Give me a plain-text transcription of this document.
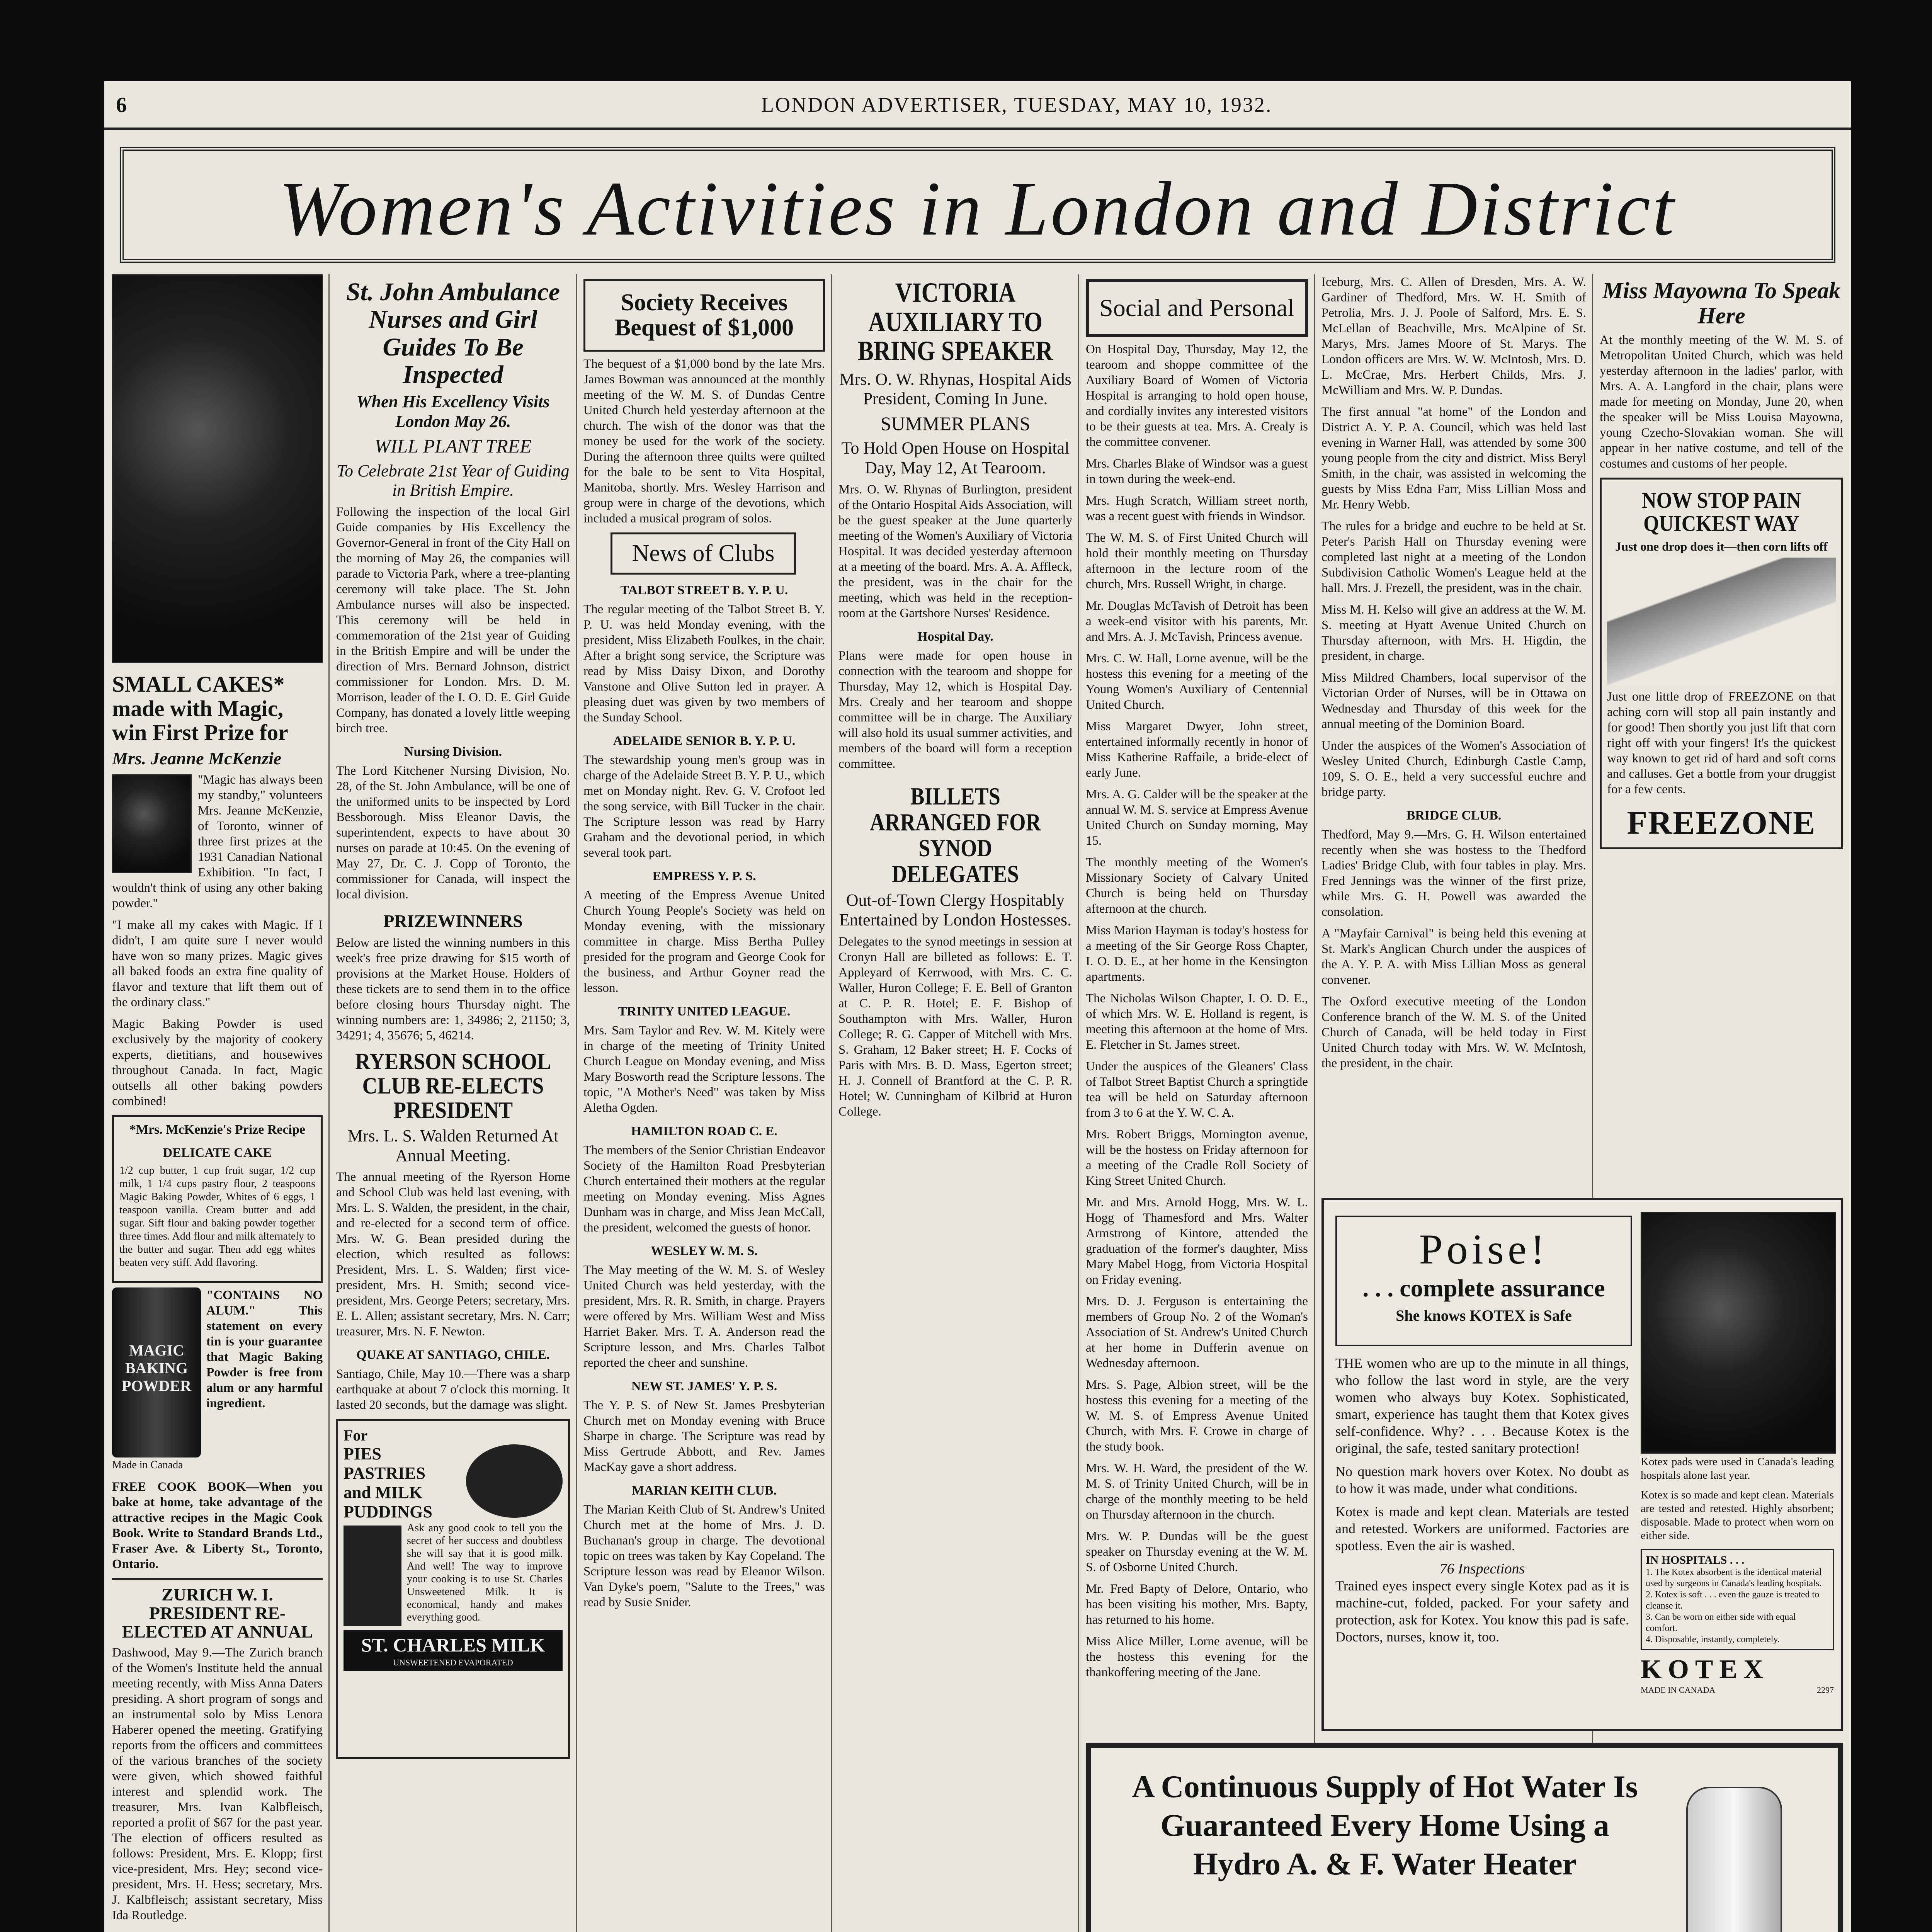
6	LONDON ADVERTISER, TUESDAY, MAY 10, 1932.
Women's Activities in London and District
SMALL CAKES* made with Magic, win First Prize for
Mrs. Jeanne McKenzie

"Magic has always been my standby," volunteers Mrs. Jeanne McKenzie, of Toronto, winner of three first prizes at the 1931 Canadian National Exhibition. "In fact, I wouldn't think of using any other baking powder."

"I make all my cakes with Magic. If I didn't, I am quite sure I never would have won so many prizes. Magic gives all baked foods an extra fine quality of flavor and texture that lift them out of the ordinary class."

Magic Baking Powder is used exclusively by the majority of cookery experts, dietitians, and housewives throughout Canada. In fact, Magic outsells all other baking powders combined!

*Mrs. McKenzie's Prize Recipe
DELICATE CAKE

1/2 cup butter, 1 cup fruit sugar, 1/2 cup milk, 1 1/4 cups pastry flour, 2 teaspoons Magic Baking Powder, Whites of 6 eggs, 1 teaspoon vanilla. Cream butter and add sugar. Sift flour and baking powder together three times. Add flour and milk alternately to the butter and sugar. Then add egg whites beaten very stiff. Add flavoring.

MAGIC
BAKING
POWDER

"CONTAINS NO ALUM." This statement on every tin is your guarantee that Magic Baking Powder is free from alum or any harmful ingredient.

Made in Canada

FREE COOK BOOK—When you bake at home, take advantage of the attractive recipes in the Magic Cook Book. Write to Standard Brands Ltd., Fraser Ave. & Liberty St., Toronto, Ontario.

ZURICH W. I. PRESIDENT RE-ELECTED AT ANNUAL

Dashwood, May 9.—The Zurich branch of the Women's Institute held the annual meeting recently, with Miss Anna Daters presiding. A short program of songs and an instrumental solo by Miss Lenora Haberer opened the meeting. Gratifying reports from the officers and committees of the various branches of the society were given, which showed faithful interest and splendid work. The treasurer, Mrs. Ivan Kalbfleisch, reported a profit of $67 for the past year. The election of officers resulted as follows: President, Mrs. E. Klopp; first vice-president, Mrs. Hey; second vice-president, Mrs. H. Hess; secretary, Mrs. J. Kalbfleisch; assistant secretary, Miss Ida Routledge.

St. John Ambulance Nurses and Girl Guides To Be Inspected
When His Excellency Visits London May 26.
WILL PLANT TREE
To Celebrate 21st Year of Guiding in British Empire.

Following the inspection of the local Girl Guide companies by His Excellency the Governor-General in front of the City Hall on the morning of May 26, the companies will parade to Victoria Park, where a tree-planting ceremony will take place. The St. John Ambulance nurses will also be inspected. This ceremony will be held in commemoration of the 21st year of Guiding in the British Empire and will be under the direction of Mrs. Bernard Johnson, district commissioner for London. Mrs. D. M. Morrison, leader of the I. O. D. E. Girl Guide Company, has donated a lovely little weeping birch tree.

Nursing Division.

The Lord Kitchener Nursing Division, No. 28, of the St. John Ambulance, will be one of the uniformed units to be inspected by Lord Bessborough. Miss Eleanor Davis, the superintendent, expects to have about 30 nurses on parade at 10:45. On the evening of May 27, Dr. C. J. Copp of Toronto, the commissioner for Canada, will inspect the local division.

PRIZEWINNERS

Below are listed the winning numbers in this week's free prize drawing for $15 worth of provisions at the Market House. Holders of these tickets are to send them in to the office before closing hours Thursday night. The winning numbers are: 1, 34986; 2, 21150; 3, 34291; 4, 35676; 5, 46214.

RYERSON SCHOOL CLUB RE-ELECTS PRESIDENT
Mrs. L. S. Walden Returned At Annual Meeting.

The annual meeting of the Ryerson Home and School Club was held last evening, with Mrs. L. S. Walden, the president, in the chair, and re-elected for a second term of office. Mrs. W. G. Bean presided during the election, which resulted as follows: President, Mrs. L. S. Walden; first vice-president, Mrs. H. Smith; second vice-president, Mrs. George Peters; secretary, Mrs. E. L. Allen; assistant secretary, Mrs. N. Carr; treasurer, Mrs. N. F. Newton.

QUAKE AT SANTIAGO, CHILE.

Santiago, Chile, May 10.—There was a sharp earthquake at about 7 o'clock this morning. It lasted 20 seconds, but the damage was slight.

For
PIES PASTRIES and MILK PUDDINGS

Ask any good cook to tell you the secret of her success and doubtless she will say that it is good milk. And well! The way to improve your cooking is to use St. Charles Unsweetened Milk. It is economical, handy and makes everything good.

ST. CHARLES MILK
UNSWEETENED EVAPORATED
Society Receives Bequest of $1,000

The bequest of a $1,000 bond by the late Mrs. James Bowman was announced at the monthly meeting of the W. M. S. of Dundas Centre United Church held yesterday afternoon at the church. The wish of the donor was that the money be used for the work of the society. During the afternoon three quilts were quilted for the bale to be sent to Vita Hospital, Manitoba, shortly. Mrs. Wesley Harrison and group were in charge of the devotions, which included a musical program of solos.

News of Clubs
TALBOT STREET B. Y. P. U.

The regular meeting of the Talbot Street B. Y. P. U. was held Monday evening, with the president, Miss Elizabeth Foulkes, in the chair. After a bright song service, the Scripture was read by Miss Daisy Dixon, and Dorothy Vanstone and Olive Sutton led in prayer. A pleasing duet was given by two members of the Sunday School.

ADELAIDE SENIOR B. Y. P. U.

The stewardship young men's group was in charge of the Adelaide Street B. Y. P. U., which met on Monday night. Rev. G. V. Crofoot led the song service, with Bill Tucker in the chair. The Scripture lesson was read by Harry Graham and the devotional period, in which several took part.

EMPRESS Y. P. S.

A meeting of the Empress Avenue United Church Young People's Society was held on Monday evening, with the missionary committee in charge. Miss Bertha Pulley presided for the program and George Cook for the business, and Arthur Goyner read the lesson.

TRINITY UNITED LEAGUE.

Mrs. Sam Taylor and Rev. W. M. Kitely were in charge of the meeting of Trinity United Church League on Monday evening, and Miss Mary Bosworth read the Scripture lessons. The topic, "A Mother's Need" was taken by Miss Aletha Ogden.

HAMILTON ROAD C. E.

The members of the Senior Christian Endeavor Society of the Hamilton Road Presbyterian Church entertained their mothers at the regular meeting on Monday evening. Miss Agnes Dunham was in charge, and Miss Jean McCall, the president, welcomed the guests of honor.

WESLEY W. M. S.

The May meeting of the W. M. S. of Wesley United Church was held yesterday, with the president, Mrs. R. R. Smith, in charge. Prayers were offered by Mrs. William West and Miss Harriet Baker. Mrs. T. A. Anderson read the Scripture lesson, and Mrs. Charles Talbot reported the cheer and sunshine.

NEW ST. JAMES' Y. P. S.

The Y. P. S. of New St. James Presbyterian Church met on Monday evening with Bruce Sharpe in charge. The Scripture was read by Miss Gertrude Abbott, and Rev. James MacKay gave a short address.

MARIAN KEITH CLUB.

The Marian Keith Club of St. Andrew's United Church met at the home of Mrs. J. D. Buchanan's group in charge. The devotional topic on trees was taken by Kay Copeland. The Scripture lesson was read by Eleanor Wilson. Van Dyke's poem, "Salute to the Trees," was read by Susie Snider.

VICTORIA AUXILIARY TO BRING SPEAKER
Mrs. O. W. Rhynas, Hospital Aids President, Coming In June.
SUMMER PLANS
To Hold Open House on Hospital Day, May 12, At Tearoom.

Mrs. O. W. Rhynas of Burlington, president of the Ontario Hospital Aids Association, will be the guest speaker at the June quarterly meeting of the Women's Auxiliary of Victoria Hospital. It was decided yesterday afternoon at a meeting of the board. Mrs. A. A. Affleck, the president, was in the chair for the meeting, which was held in the reception-room at the Gartshore Nurses' Residence.

Hospital Day.

Plans were made for open house in connection with the tearoom and shoppe for Thursday, May 12, which is Hospital Day. Mrs. Crealy and her tearoom and shoppe committee will be in charge. The Auxiliary will also hold its usual summer activities, and members of the board will form a reception committee.

BILLETS ARRANGED FOR SYNOD DELEGATES
Out-of-Town Clergy Hospitably Entertained by London Hostesses.

Delegates to the synod meetings in session at Cronyn Hall are billeted as follows: E. T. Appleyard of Kerrwood, with Mrs. C. C. Waller, Huron College; F. E. Bell of Granton at C. P. R. Hotel; E. F. Bishop of Southampton with Mrs. Waller, Huron College; R. G. Capper of Mitchell with Mrs. S. Graham, 12 Baker street; H. F. Cocks of Paris with Mrs. B. D. Mass, Egerton street; H. J. Connell of Brantford at the C. P. R. Hotel; W. Cunningham of Kilbrid at Huron College.

Social and Personal

On Hospital Day, Thursday, May 12, the tearoom and shoppe committee of the Auxiliary Board of Women of Victoria Hospital is arranging to hold open house, and cordially invites any interested visitors to be their guests at tea. Mrs. A. Crealy is the committee convener.

Mrs. Charles Blake of Windsor was a guest in town during the week-end.

Mrs. Hugh Scratch, William street north, was a recent guest with friends in Windsor.

The W. M. S. of First United Church will hold their monthly meeting on Thursday afternoon in the lecture room of the church, Mrs. Russell Wright, in charge.

Mr. Douglas McTavish of Detroit has been a week-end visitor with his parents, Mr. and Mrs. A. J. McTavish, Princess avenue.

Mrs. C. W. Hall, Lorne avenue, will be the hostess this evening for a meeting of the Young Women's Auxiliary of Centennial United Church.

Miss Margaret Dwyer, John street, entertained informally recently in honor of Miss Katherine Raffaile, a bride-elect of early June.

Mrs. A. G. Calder will be the speaker at the annual W. M. S. service at Empress Avenue United Church on Sunday morning, May 15.

The monthly meeting of the Women's Missionary Society of Calvary United Church is being held on Thursday afternoon at the church.

Miss Marion Hayman is today's hostess for a meeting of the Sir George Ross Chapter, I. O. D. E., at her home in the Kensington apartments.

The Nicholas Wilson Chapter, I. O. D. E., of which Mrs. W. E. Holland is regent, is meeting this afternoon at the home of Mrs. E. Fletcher in St. James street.

Under the auspices of the Gleaners' Class of Talbot Street Baptist Church a springtide tea will be held on Saturday afternoon from 3 to 6 at the Y. W. C. A.

Mrs. Robert Briggs, Mornington avenue, will be the hostess on Friday afternoon for a meeting of the Cradle Roll Society of King Street United Church.

Mr. and Mrs. Arnold Hogg, Mrs. W. L. Hogg of Thamesford and Mrs. Walter Armstrong of Kintore, attended the graduation of the former's daughter, Miss Mary Mabel Hogg, from Victoria Hospital on Friday evening.

Mrs. D. J. Ferguson is entertaining the members of Group No. 2 of the Woman's Association of St. Andrew's United Church at her home in Dufferin avenue on Wednesday afternoon.

Mrs. S. Page, Albion street, will be the hostess this evening for a meeting of the W. M. S. of Empress Avenue United Church, with Mrs. F. Crowe in charge of the study book.

Mrs. W. H. Ward, the president of the W. M. S. of Trinity United Church, will be in charge of the monthly meeting to be held on Thursday afternoon in the church.

Mrs. W. P. Dundas will be the guest speaker on Thursday evening at the W. M. S. of Osborne United Church.

Mr. Fred Bapty of Delore, Ontario, who has been visiting his mother, Mrs. Bapty, has returned to his home.

Miss Alice Miller, Lorne avenue, will be the hostess this evening for the thankoffering meeting of the Jane.

Iceburg, Mrs. C. Allen of Dresden, Mrs. A. W. Gardiner of Thedford, Mrs. W. H. Smith of Petrolia, Mrs. J. J. Poole of Salford, Mrs. E. S. McLellan of Beachville, Mrs. McAlpine of St. Marys, Mrs. James Moore of St. Marys. The London officers are Mrs. W. W. McIntosh, Mrs. D. L. McCrae, Mrs. Herbert Childs, Mrs. J. McWilliam and Mrs. W. P. Dundas.

The first annual "at home" of the London and District A. Y. P. A. Council, which was held last evening in Warner Hall, was attended by some 300 young people from the city and district. Miss Beryl Smith, in the chair, was assisted in welcoming the guests by Miss Edna Farr, Miss Lillian Moss and Mr. Henry Webb.

The rules for a bridge and euchre to be held at St. Peter's Parish Hall on Thursday evening were completed last night at a meeting of the London Subdivision Catholic Women's League held at the hall. Mrs. J. Frezell, the president, was in the chair.

Miss M. H. Kelso will give an address at the W. M. S. meeting at Hyatt Avenue United Church on Thursday afternoon, with Mrs. H. Higdin, the president, in charge.

Miss Mildred Chambers, local supervisor of the Victorian Order of Nurses, will be in Ottawa on Wednesday and Thursday of this week for the annual meeting of the Dominion Board.

Under the auspices of the Women's Association of Wesley United Church, Edinburgh Castle Camp, 109, S. O. E., held a very successful euchre and bridge party.

BRIDGE CLUB.

Thedford, May 9.—Mrs. G. H. Wilson entertained recently when she was hostess to the Thedford Ladies' Bridge Club, with four tables in play. Mrs. Fred Jennings was the winner of the first prize, while Mrs. G. H. Powell was awarded the consolation.

A "Mayfair Carnival" is being held this evening at St. Mark's Anglican Church under the auspices of the A. Y. P. A. with Miss Lillian Moss as general convener.

The Oxford executive meeting of the London Conference branch of the W. M. S. of the United Church of Canada, will be held today in First United Church today with Mrs. W. W. McIntosh, the president, in the chair.

Miss Mayowna To Speak Here

At the monthly meeting of the W. M. S. of Metropolitan United Church, which was held yesterday afternoon in the ladies' parlor, with Mrs. A. A. Langford in the chair, plans were made for meeting on Monday, June 20, when the speaker will be Miss Louisa Mayowna, young Czecho-Slovakian woman. She will appear in her native costume, and tell of the costumes and customs of her people.

NOW STOP PAIN QUICKEST WAY
Just one drop does it—then corn lifts off

Just one little drop of FREEZONE on that aching corn will stop all pain instantly and for good! Then shortly you just lift that corn right off with your fingers! It's the quickest way known to get rid of hard and soft corns and calluses. Get a bottle from your druggist for a few cents.

FREEZONE
Poise!
. . . complete assurance
She knows KOTEX is Safe

THE women who are up to the minute in all things, who follow the last word in style, are the very women who always buy Kotex. Sophisticated, smart, experience has taught them that Kotex gives self-confidence. Why? . . . Because Kotex is the original, the safe, tested sanitary protection!

No question mark hovers over Kotex. No doubt as to how it was made, under what conditions.

Kotex is made and kept clean. Materials are tested and retested. Workers are uniformed. Factories are spotless. Even the air is washed.

76 Inspections

Trained eyes inspect every single Kotex pad as it is machine-cut, folded, packed. For your safety and protection, ask for Kotex. You know this pad is safe. Doctors, nurses, know it, too.

Kotex pads were used in Canada's leading hospitals alone last year.

Kotex is so made and kept clean. Materials are tested and retested. Highly absorbent; disposable. Made to protect when worn on either side.

IN HOSPITALS . . .
1. The Kotex absorbent is the identical material used by surgeons in Canada's leading hospitals.
2. Kotex is soft . . . even the gauze is treated to cleanse it.
3. Can be worn on either side with equal comfort.
4. Disposable, instantly, completely.
KOTEX
MADE IN CANADA	2297
A Continuous Supply of Hot Water Is Guaranteed Every Home Using a Hydro A. & F. Water Heater
